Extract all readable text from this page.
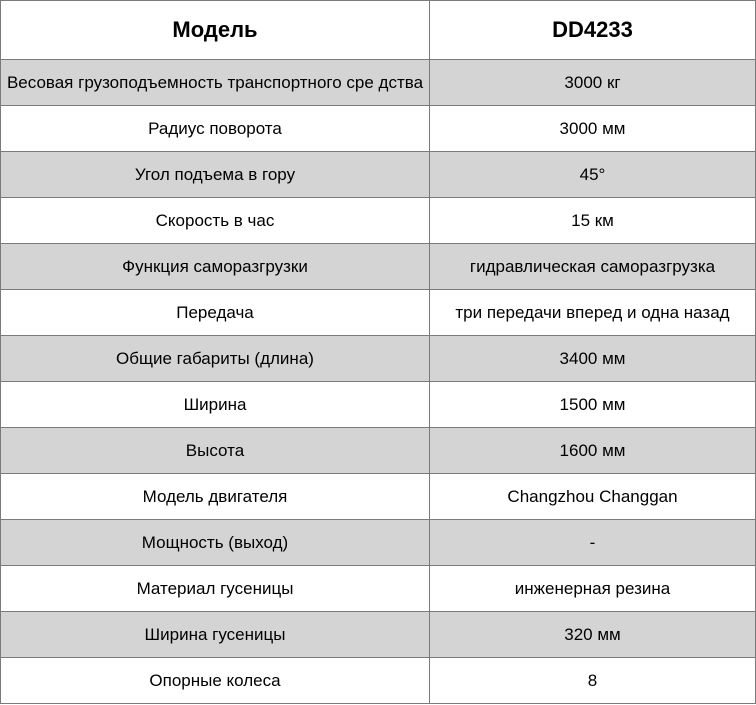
Модель	DD4233
Весовая грузоподъемность транспортного сре дства	3000 кг
Радиус поворота	3000 мм
Угол подъема в гору	45°
Скорость в час	15 км
Функция саморазгрузки	гидравлическая саморазгрузка
Передача	три передачи вперед и одна назад
Общие габариты (длина)	3400 мм
Ширина	1500 мм
Высота	1600 мм
Модель двигателя	Changzhou Changgan
Мощность (выход)	-
Материал гусеницы	инженерная резина
Ширина гусеницы	320 мм
Опорные колеса	8
